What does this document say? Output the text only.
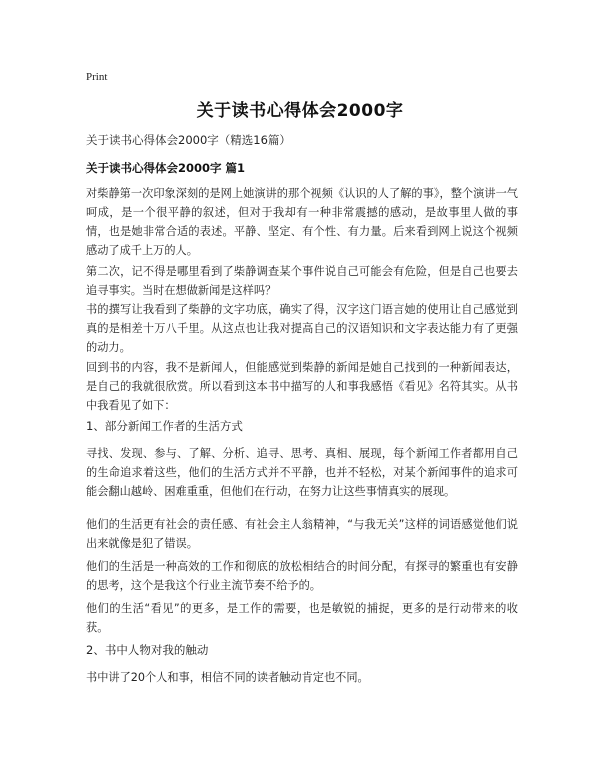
Print
关于读书心得体会2000字
关于读书心得体会2000字（精选16篇）
关于读书心得体会2000字 篇1

对柴静第一次印象深刻的是网上她演讲的那个视频《认识的人了解的事》，整个演讲一气呵成，是一个很平静的叙述，但对于我却有一种非常震撼的感动，是故事里人做的事情，也是她非常合适的表述。平静、坚定、有个性、有力量。后来看到网上说这个视频感动了成千上万的人。

第二次，记不得是哪里看到了柴静调查某个事件说自己可能会有危险，但是自己也要去追寻事实。当时在想做新闻是这样吗？

书的撰写让我看到了柴静的文字功底，确实了得，汉字这门语言她的使用让自己感觉到真的是相差十万八千里。从这点也让我对提高自己的汉语知识和文字表达能力有了更强的动力。

回到书的内容，我不是新闻人，但能感觉到柴静的新闻是她自己找到的一种新闻表达，是自己的我就很欣赏。所以看到这本书中描写的人和事我感悟《看见》名符其实。从书中我看见了如下：

1、部分新闻工作者的生活方式

寻找、发现、参与、了解、分析、追寻、思考、真相、展现，每个新闻工作者都用自己的生命追求着这些，他们的生活方式并不平静，也并不轻松，对某个新闻事件的追求可能会翻山越岭、困难重重，但他们在行动，在努力让这些事情真实的展现。

他们的生活更有社会的责任感、有社会主人翁精神，“与我无关”这样的词语感觉他们说出来就像是犯了错误。

他们的生活是一种高效的工作和彻底的放松相结合的时间分配，有探寻的繁重也有安静的思考，这个是我这个行业主流节奏不给予的。

他们的生活“看见”的更多，是工作的需要，也是敏锐的捕捉，更多的是行动带来的收获。

2、书中人物对我的触动

书中讲了20个人和事，相信不同的读者触动肯定也不同。
